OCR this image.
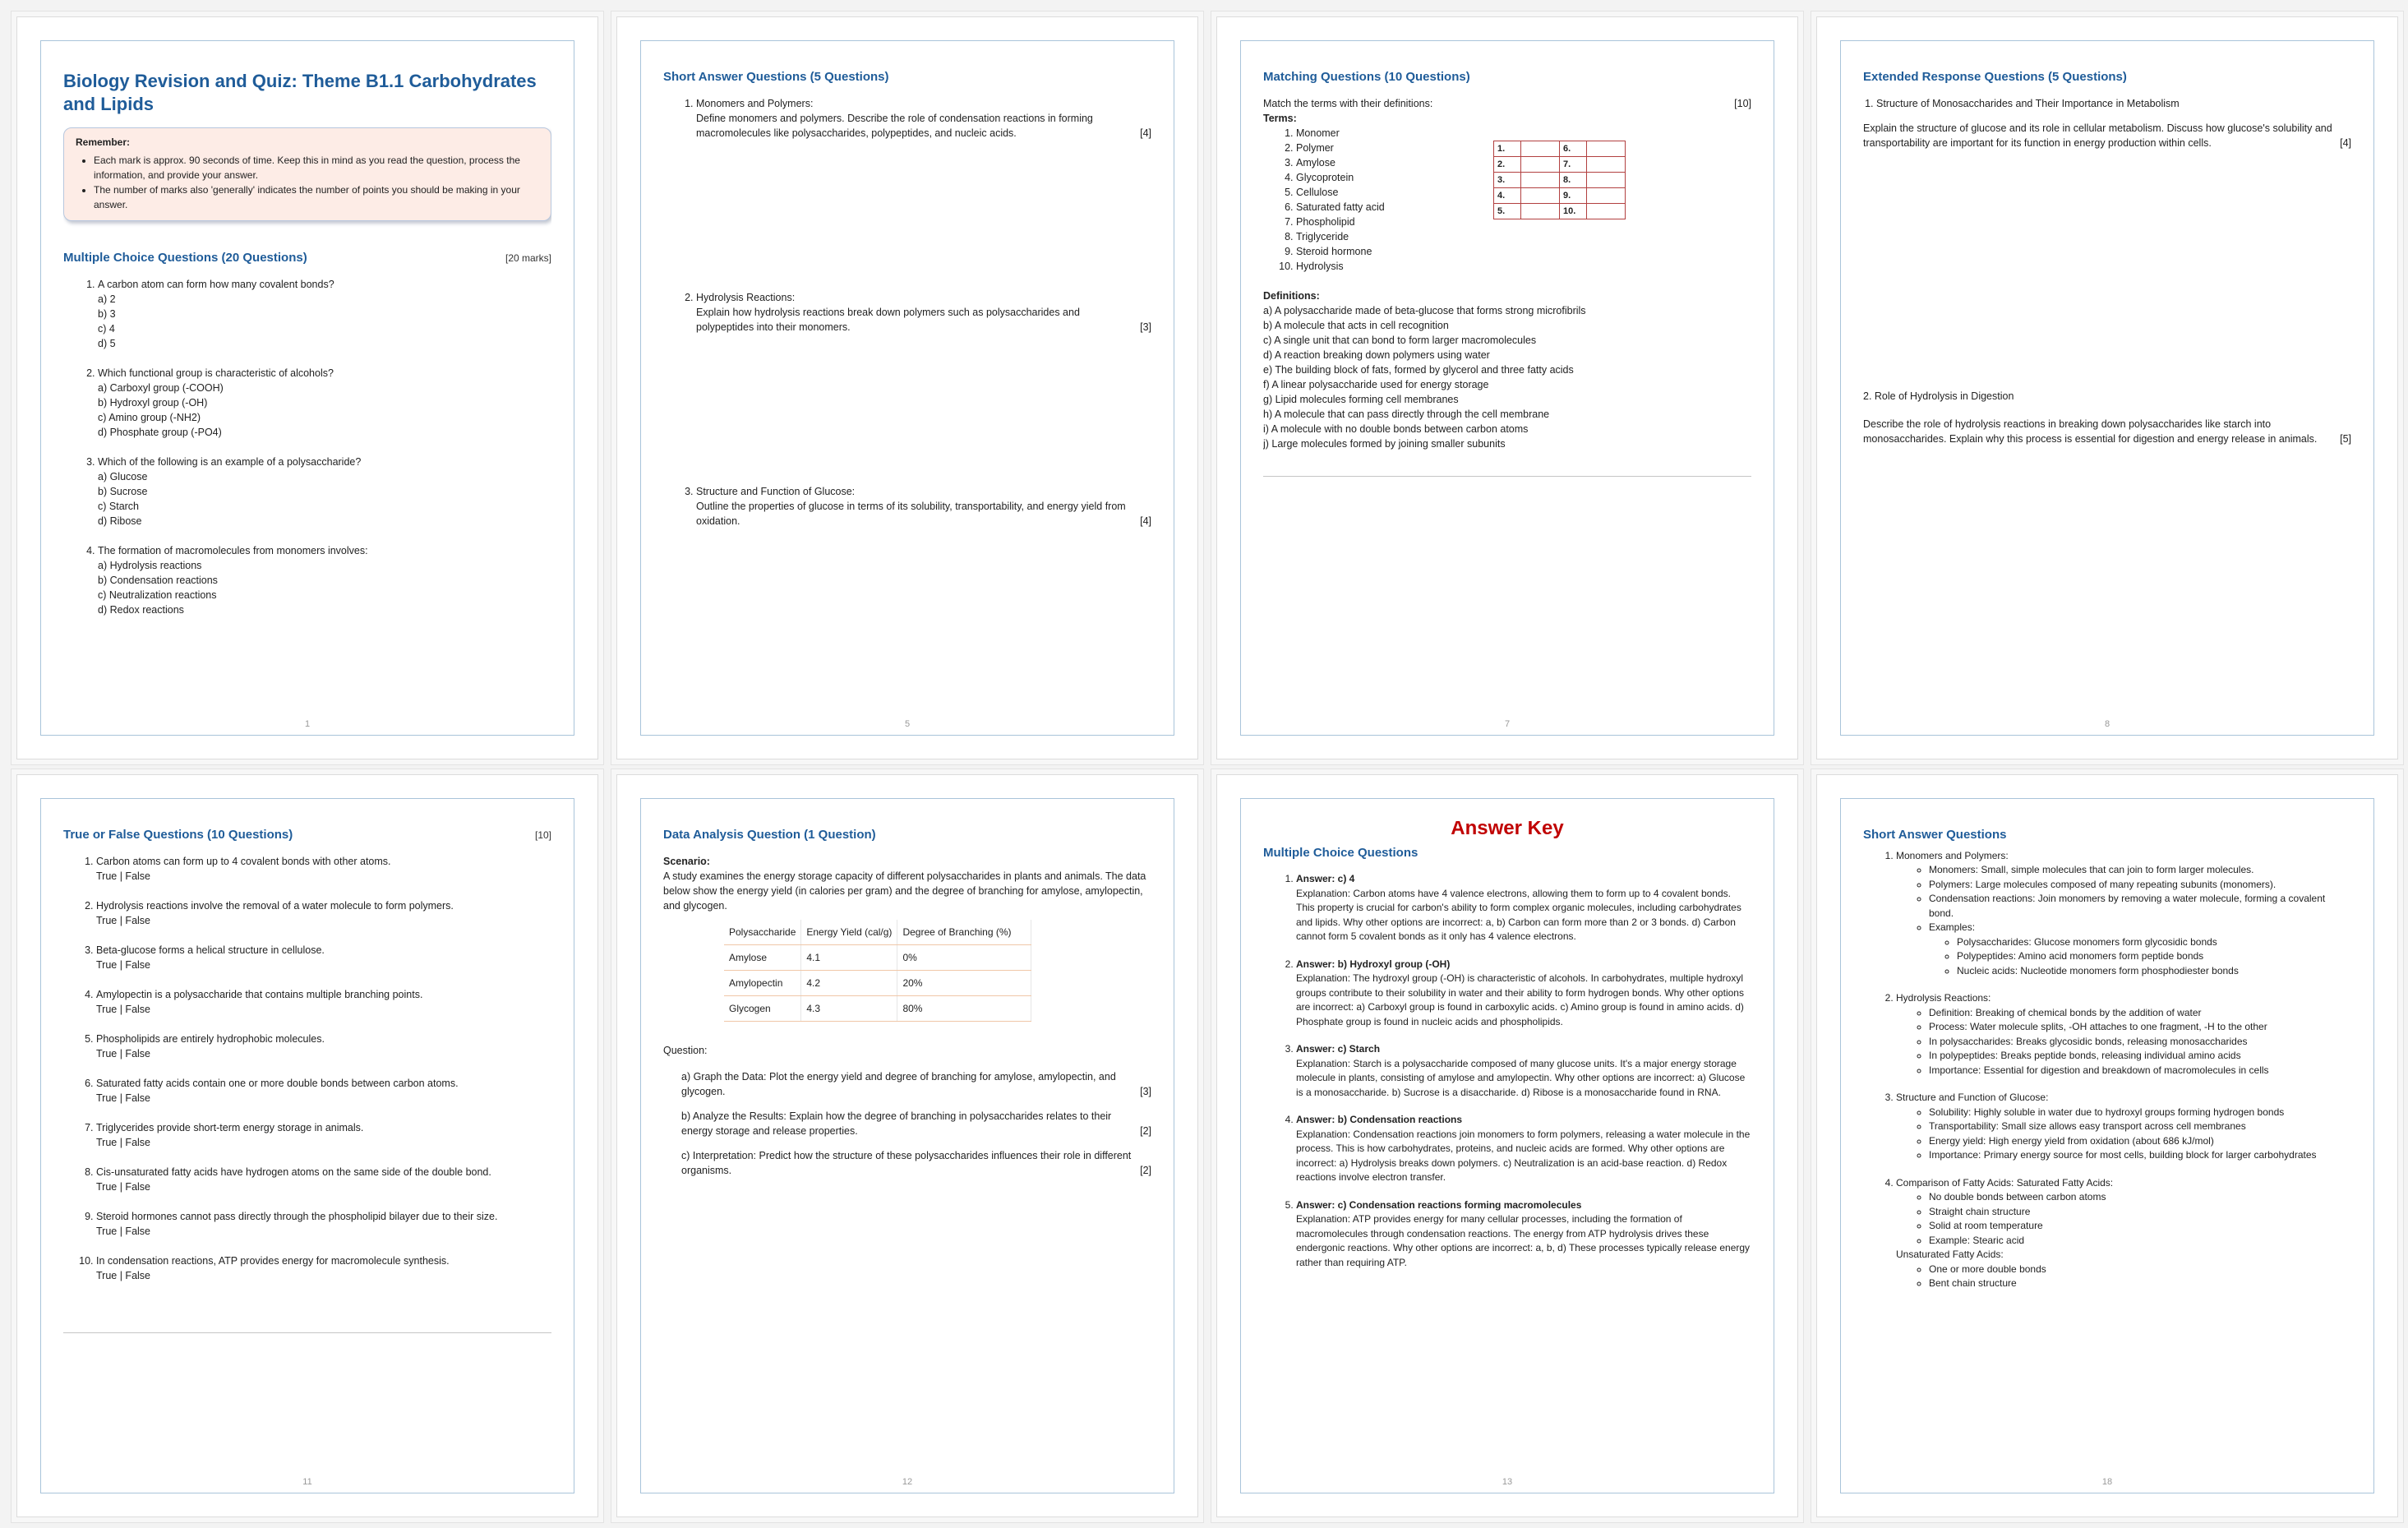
Biology Revision and Quiz: Theme B1.1 Carbohydrates and Lipids
Remember:
• Each mark is approx. 90 seconds of time. Keep this in mind as you read the question, process the information, and provide your answer.
• The number of marks also 'generally' indicates the number of points you should be making in your answer.
Multiple Choice Questions (20 Questions)	[20 marks]
1. A carbon atom can form how many covalent bonds?
a) 2
b) 3
c) 4
d) 5
2. Which functional group is characteristic of alcohols?
a) Carboxyl group (-COOH)
b) Hydroxyl group (-OH)
c) Amino group (-NH2)
d) Phosphate group (-PO4)
3. Which of the following is an example of a polysaccharide?
a) Glucose
b) Sucrose
c) Starch
d) Ribose
4. The formation of macromolecules from monomers involves:
a) Hydrolysis reactions
b) Condensation reactions
c) Neutralization reactions
d) Redox reactions
1
Short Answer Questions (5 Questions)
1. Monomers and Polymers:
Define monomers and polymers. Describe the role of condensation reactions in forming macromolecules like polysaccharides, polypeptides, and nucleic acids.	[4]
2. Hydrolysis Reactions:
Explain how hydrolysis reactions break down polymers such as polysaccharides and polypeptides into their monomers.	[3]
3. Structure and Function of Glucose:
Outline the properties of glucose in terms of its solubility, transportability, and energy yield from oxidation.	[4]
5
Matching Questions (10 Questions)
Match the terms with their definitions:	[10]
Terms:
1. Monomer
2. Polymer
3. Amylose
4. Glycoprotein
5. Cellulose
6. Saturated fatty acid
7. Phospholipid
8. Triglyceride
9. Steroid hormone
10. Hydrolysis
1.		6.	
2.		7.	
3.		8.	
4.		9.	
5.		10.	
Definitions:
a) A polysaccharide made of beta-glucose that forms strong microfibrils
b) A molecule that acts in cell recognition
c) A single unit that can bond to form larger macromolecules
d) A reaction breaking down polymers using water
e) The building block of fats, formed by glycerol and three fatty acids
f) A linear polysaccharide used for energy storage
g) Lipid molecules forming cell membranes
h) A molecule that can pass directly through the cell membrane
i) A molecule with no double bonds between carbon atoms
j) Large molecules formed by joining smaller subunits
7
Extended Response Questions (5 Questions)
1. Structure of Monosaccharides and Their Importance in Metabolism
Explain the structure of glucose and its role in cellular metabolism. Discuss how glucose's solubility and transportability are important for its function in energy production within cells.	[4]
2. Role of Hydrolysis in Digestion
Describe the role of hydrolysis reactions in breaking down polysaccharides like starch into monosaccharides. Explain why this process is essential for digestion and energy release in animals.	[5]
8
True or False Questions (10 Questions)	[10]
1. Carbon atoms can form up to 4 covalent bonds with other atoms.
True | False
2. Hydrolysis reactions involve the removal of a water molecule to form polymers.
True | False
3. Beta-glucose forms a helical structure in cellulose.
True | False
4. Amylopectin is a polysaccharide that contains multiple branching points.
True | False
5. Phospholipids are entirely hydrophobic molecules.
True | False
6. Saturated fatty acids contain one or more double bonds between carbon atoms.
True | False
7. Triglycerides provide short-term energy storage in animals.
True | False
8. Cis-unsaturated fatty acids have hydrogen atoms on the same side of the double bond.
True | False
9. Steroid hormones cannot pass directly through the phospholipid bilayer due to their size.
True | False
10. In condensation reactions, ATP provides energy for macromolecule synthesis.
True | False
11
Data Analysis Question (1 Question)
Scenario:
A study examines the energy storage capacity of different polysaccharides in plants and animals. The data below show the energy yield (in calories per gram) and the degree of branching for amylose, amylopectin, and glycogen.
Polysaccharide	Energy Yield (cal/g)	Degree of Branching (%)
Amylose	4.1	0%
Amylopectin	4.2	20%
Glycogen	4.3	80%
Question:
a) Graph the Data: Plot the energy yield and degree of branching for amylose, amylopectin, and glycogen.	[3]
b) Analyze the Results: Explain how the degree of branching in polysaccharides relates to their energy storage and release properties.	[2]
c) Interpretation: Predict how the structure of these polysaccharides influences their role in different organisms.	[2]
12
Answer Key
Multiple Choice Questions
1. Answer: c) 4
Explanation: Carbon atoms have 4 valence electrons, allowing them to form up to 4 covalent bonds. This property is crucial for carbon's ability to form complex organic molecules, including carbohydrates and lipids. Why other options are incorrect: a, b) Carbon can form more than 2 or 3 bonds. d) Carbon cannot form 5 covalent bonds as it only has 4 valence electrons.
2. Answer: b) Hydroxyl group (-OH)
Explanation: The hydroxyl group (-OH) is characteristic of alcohols. In carbohydrates, multiple hydroxyl groups contribute to their solubility in water and their ability to form hydrogen bonds. Why other options are incorrect: a) Carboxyl group is found in carboxylic acids. c) Amino group is found in amino acids. d) Phosphate group is found in nucleic acids and phospholipids.
3. Answer: c) Starch
Explanation: Starch is a polysaccharide composed of many glucose units. It's a major energy storage molecule in plants, consisting of amylose and amylopectin. Why other options are incorrect: a) Glucose is a monosaccharide. b) Sucrose is a disaccharide. d) Ribose is a monosaccharide found in RNA.
4. Answer: b) Condensation reactions
Explanation: Condensation reactions join monomers to form polymers, releasing a water molecule in the process. This is how carbohydrates, proteins, and nucleic acids are formed. Why other options are incorrect: a) Hydrolysis breaks down polymers. c) Neutralization is an acid-base reaction. d) Redox reactions involve electron transfer.
5. Answer: c) Condensation reactions forming macromolecules
Explanation: ATP provides energy for many cellular processes, including the formation of macromolecules through condensation reactions. The energy from ATP hydrolysis drives these endergonic reactions. Why other options are incorrect: a, b, d) These processes typically release energy rather than requiring ATP.
13
Short Answer Questions
1. Monomers and Polymers:
◦ Monomers: Small, simple molecules that can join to form larger molecules.
◦ Polymers: Large molecules composed of many repeating subunits (monomers).
◦ Condensation reactions: Join monomers by removing a water molecule, forming a covalent bond.
◦ Examples:
◦ Polysaccharides: Glucose monomers form glycosidic bonds
◦ Polypeptides: Amino acid monomers form peptide bonds
◦ Nucleic acids: Nucleotide monomers form phosphodiester bonds
2. Hydrolysis Reactions:
◦ Definition: Breaking of chemical bonds by the addition of water
◦ Process: Water molecule splits, -OH attaches to one fragment, -H to the other
◦ In polysaccharides: Breaks glycosidic bonds, releasing monosaccharides
◦ In polypeptides: Breaks peptide bonds, releasing individual amino acids
◦ Importance: Essential for digestion and breakdown of macromolecules in cells
3. Structure and Function of Glucose:
◦ Solubility: Highly soluble in water due to hydroxyl groups forming hydrogen bonds
◦ Transportability: Small size allows easy transport across cell membranes
◦ Energy yield: High energy yield from oxidation (about 686 kJ/mol)
◦ Importance: Primary energy source for most cells, building block for larger carbohydrates
4. Comparison of Fatty Acids: Saturated Fatty Acids:
◦ No double bonds between carbon atoms
◦ Straight chain structure
◦ Solid at room temperature
◦ Example: Stearic acid
Unsaturated Fatty Acids:
◦ One or more double bonds
◦ Bent chain structure
18
